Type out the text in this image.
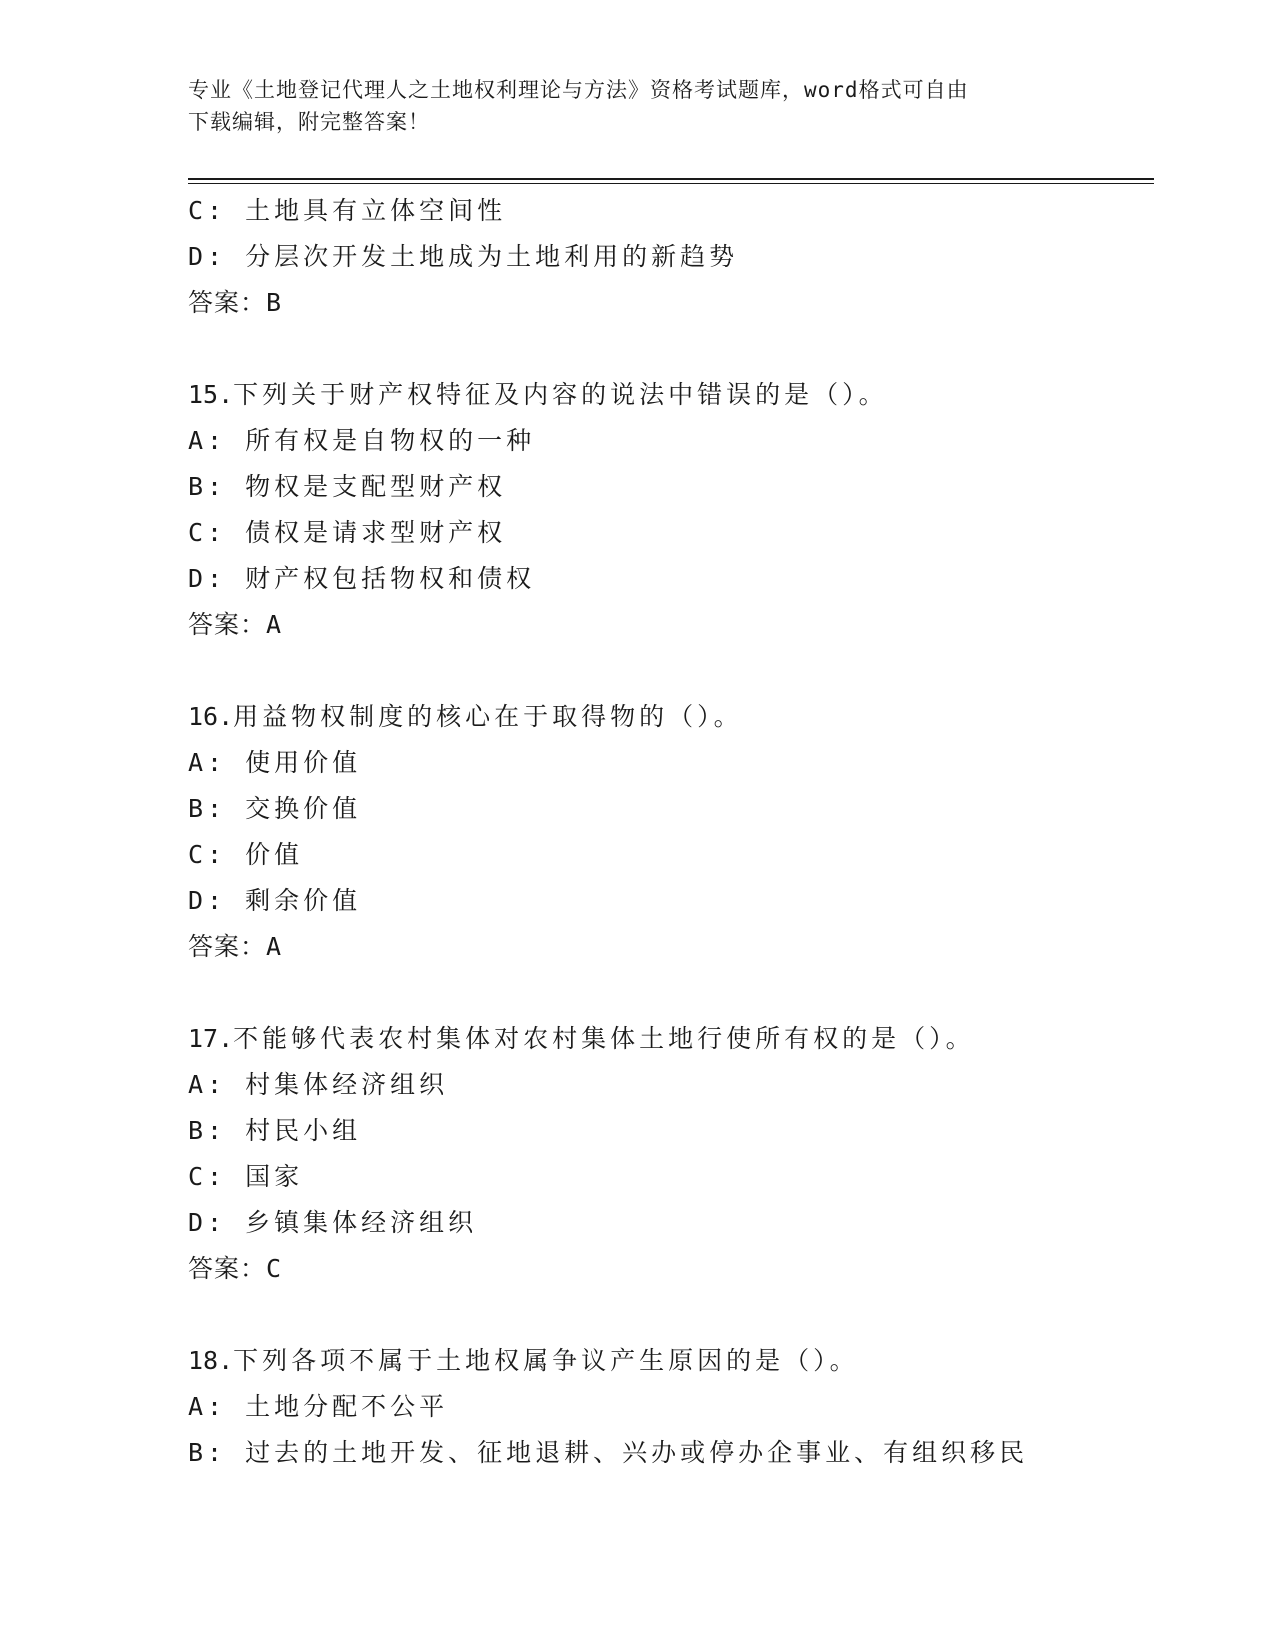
专业《土地登记代理人之土地权利理论与方法》资格考试题库，word格式可自由
下载编辑，附完整答案！
C: 土地具有立体空间性
D: 分层次开发土地成为土地利用的新趋势
答案：B
15.下列关于财产权特征及内容的说法中错误的是（）。
A: 所有权是自物权的一种
B: 物权是支配型财产权
C: 债权是请求型财产权
D: 财产权包括物权和债权
答案：A
16.用益物权制度的核心在于取得物的（）。
A: 使用价值
B: 交换价值
C: 价值
D: 剩余价值
答案：A
17.不能够代表农村集体对农村集体土地行使所有权的是（）。
A: 村集体经济组织
B: 村民小组
C: 国家
D: 乡镇集体经济组织
答案：C
18.下列各项不属于土地权属争议产生原因的是（）。
A: 土地分配不公平
B: 过去的土地开发、征地退耕、兴办或停办企事业、有组织移民
